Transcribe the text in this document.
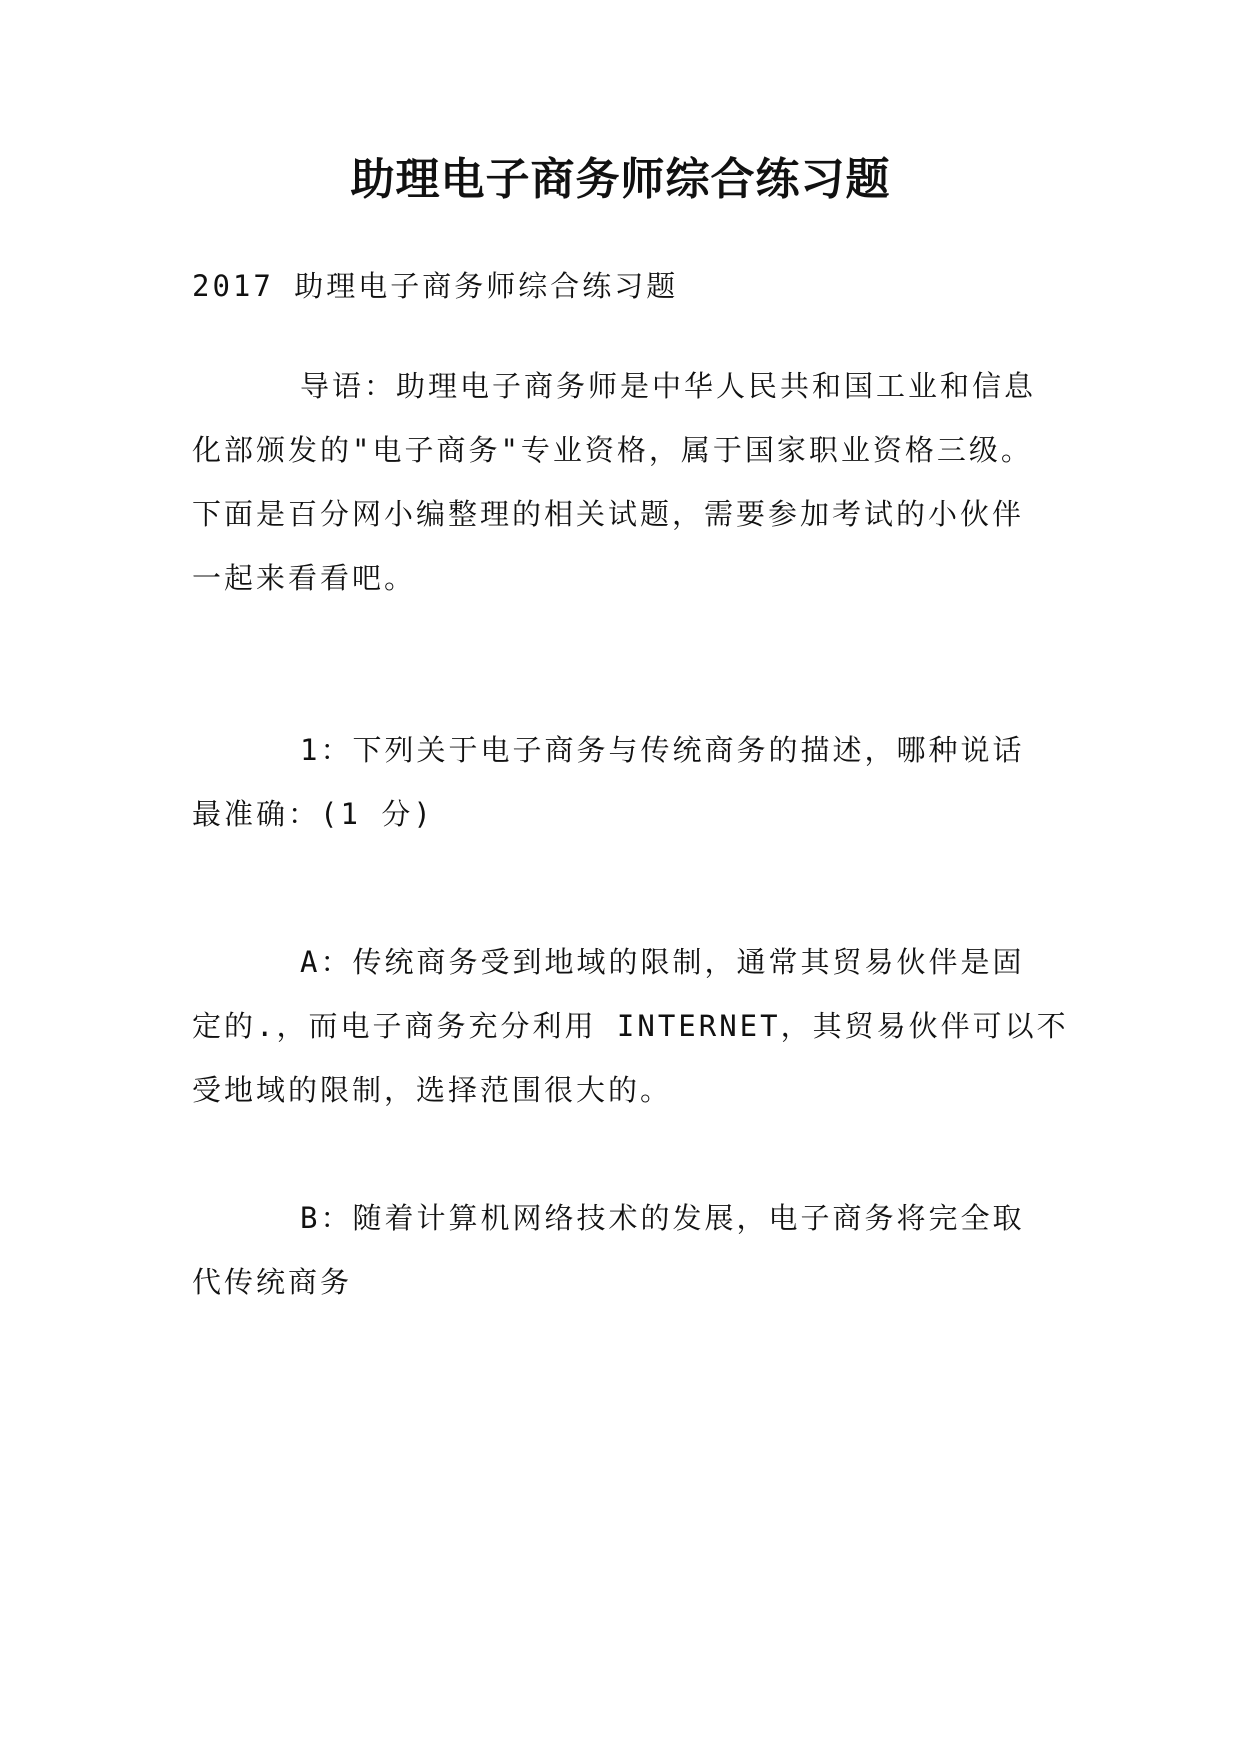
助理电子商务师综合练习题
2017 助理电子商务师综合练习题
导语：助理电子商务师是中华人民共和国工业和信息
化部颁发的"电子商务"专业资格，属于国家职业资格三级。
下面是百分网小编整理的相关试题，需要参加考试的小伙伴
一起来看看吧。
1：下列关于电子商务与传统商务的描述，哪种说话
最准确：(1 分)
A：传统商务受到地域的限制，通常其贸易伙伴是固
定的.，而电子商务充分利用 INTERNET，其贸易伙伴可以不
受地域的限制，选择范围很大的。
B：随着计算机网络技术的发展，电子商务将完全取
代传统商务
